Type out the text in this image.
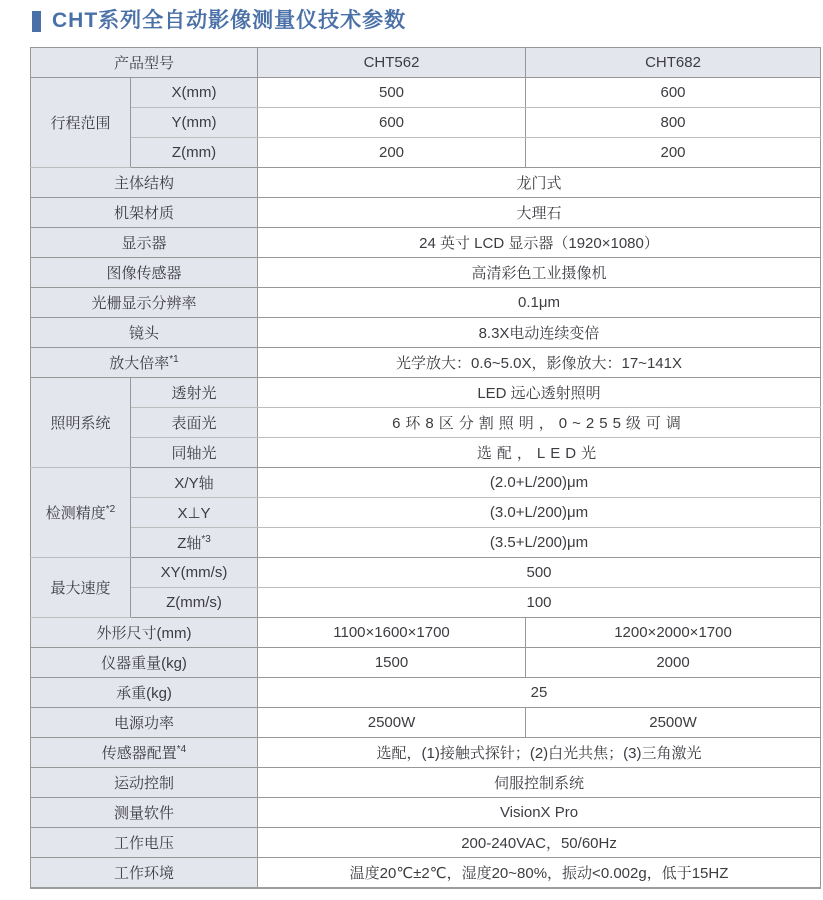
CHT系列全自动影像测量仪技术参数
产品型号		CHT562	CHT682
行程范围	X(mm)	500	600
	Y(mm)	600	800
	Z(mm)	200	200
主体结构		龙门式	
机架材质		大理石	
显示器		24 英寸 LCD 显示器（1920×1080）	
图像传感器		高清彩色工业摄像机	
光栅显示分辨率		0.1μm	
镜头		8.3X电动连续变倍	
放大倍率$^{*1}$		光学放大：0.6~5.0X，影像放大：17~141X	
照明系统	透射光	LED 远心透射照明	
	表面光	6环8区分割照明，0~255级可调	
	同轴光	选配，LED光	
检测精度$^{*2}$	X/Y轴	(2.0+L/200)μm	
	X⊥Y	(3.0+L/200)μm	
	Z轴$^{*3}$	(3.5+L/200)μm	
最大速度	XY(mm/s)	500	
	Z(mm/s)	100	
外形尺寸(mm)		1100×1600×1700	1200×2000×1700
仪器重量(kg)		1500	2000
承重(kg)		25	
电源功率		2500W	2500W
传感器配置$^{*4}$		选配，(1)接触式探针；(2)白光共焦；(3)三角激光	
运动控制		伺服控制系统	
测量软件		VisionX Pro	
工作电压		200-240VAC，50/60Hz	
工作环境		温度20℃±2℃，湿度20~80%，振动<0.002g，低于15HZ	
